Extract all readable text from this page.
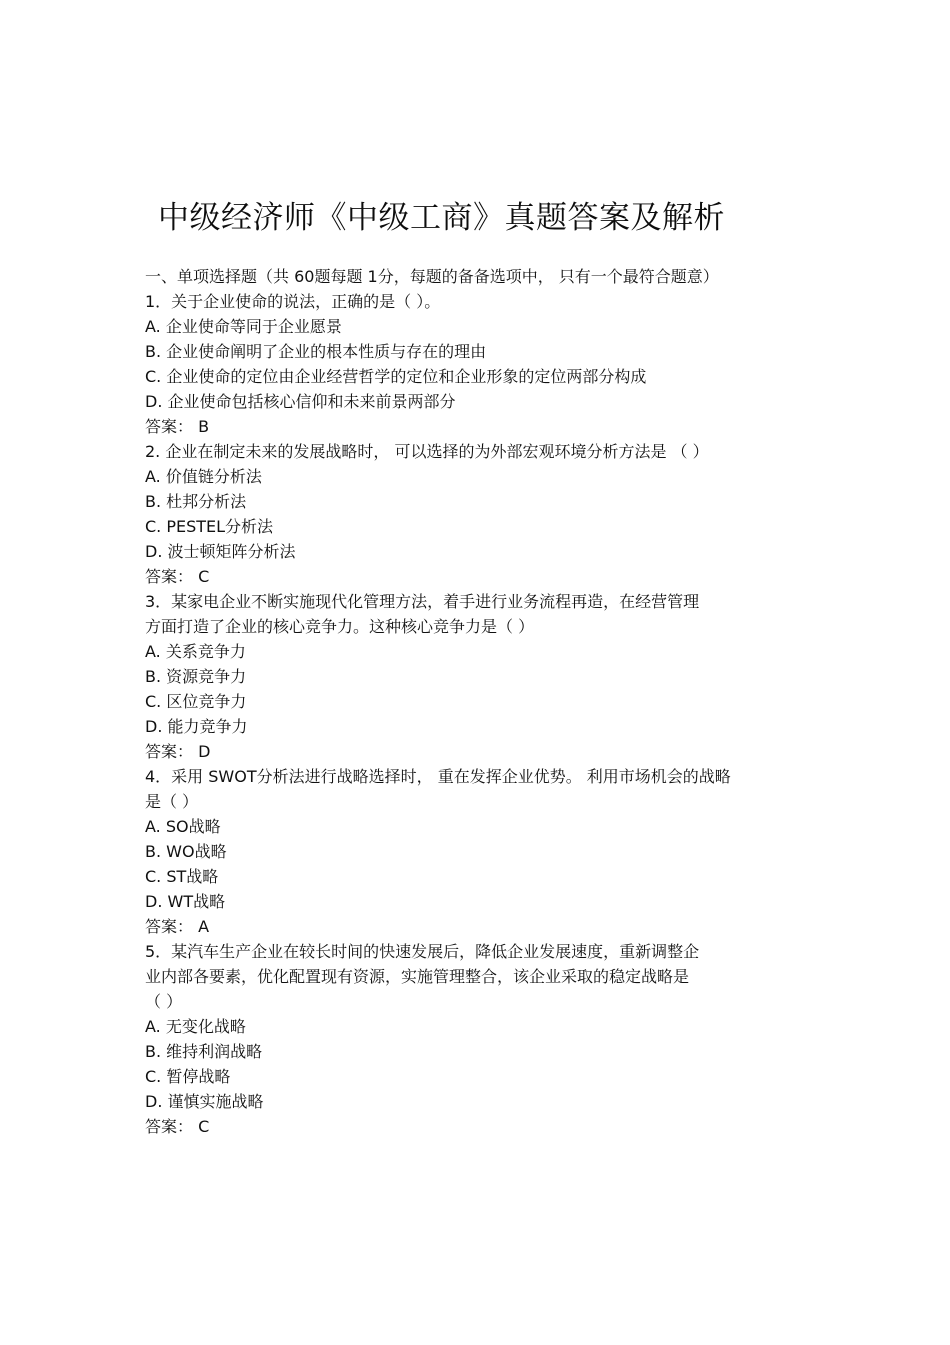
中级经济师《中级工商》真题答案及解析
一、单项选择题（共 60题每题 1分，每题的备备选项中， 只有一个最符合题意）
1．关于企业使命的说法，正确的是（ ）。
A. 企业使命等同于企业愿景
B. 企业使命阐明了企业的根本性质与存在的理由
C. 企业使命的定位由企业经营哲学的定位和企业形象的定位两部分构成
D. 企业使命包括核心信仰和未来前景两部分
答案： B
2. 企业在制定未来的发展战略时， 可以选择的为外部宏观环境分析方法是 （ ）
A. 价值链分析法
B. 杜邦分析法
C. PESTEL分析法
D. 波士顿矩阵分析法
答案： C
3．某家电企业不断实施现代化管理方法，着手进行业务流程再造，在经营管理
方面打造了企业的核心竞争力。这种核心竞争力是（ ）
A. 关系竞争力
B. 资源竞争力
C. 区位竞争力
D. 能力竞争力
答案： D
4．采用 SWOT分析法进行战略选择时， 重在发挥企业优势。 利用市场机会的战略
是（ ）
A. SO战略
B. WO战略
C. ST战略
D. WT战略
答案： A
5．某汽车生产企业在较长时间的快速发展后，降低企业发展速度，重新调整企
业内部各要素，优化配置现有资源，实施管理整合，该企业采取的稳定战略是
（ ）
A. 无变化战略
B. 维持利润战略
C. 暂停战略
D. 谨慎实施战略
答案： C
